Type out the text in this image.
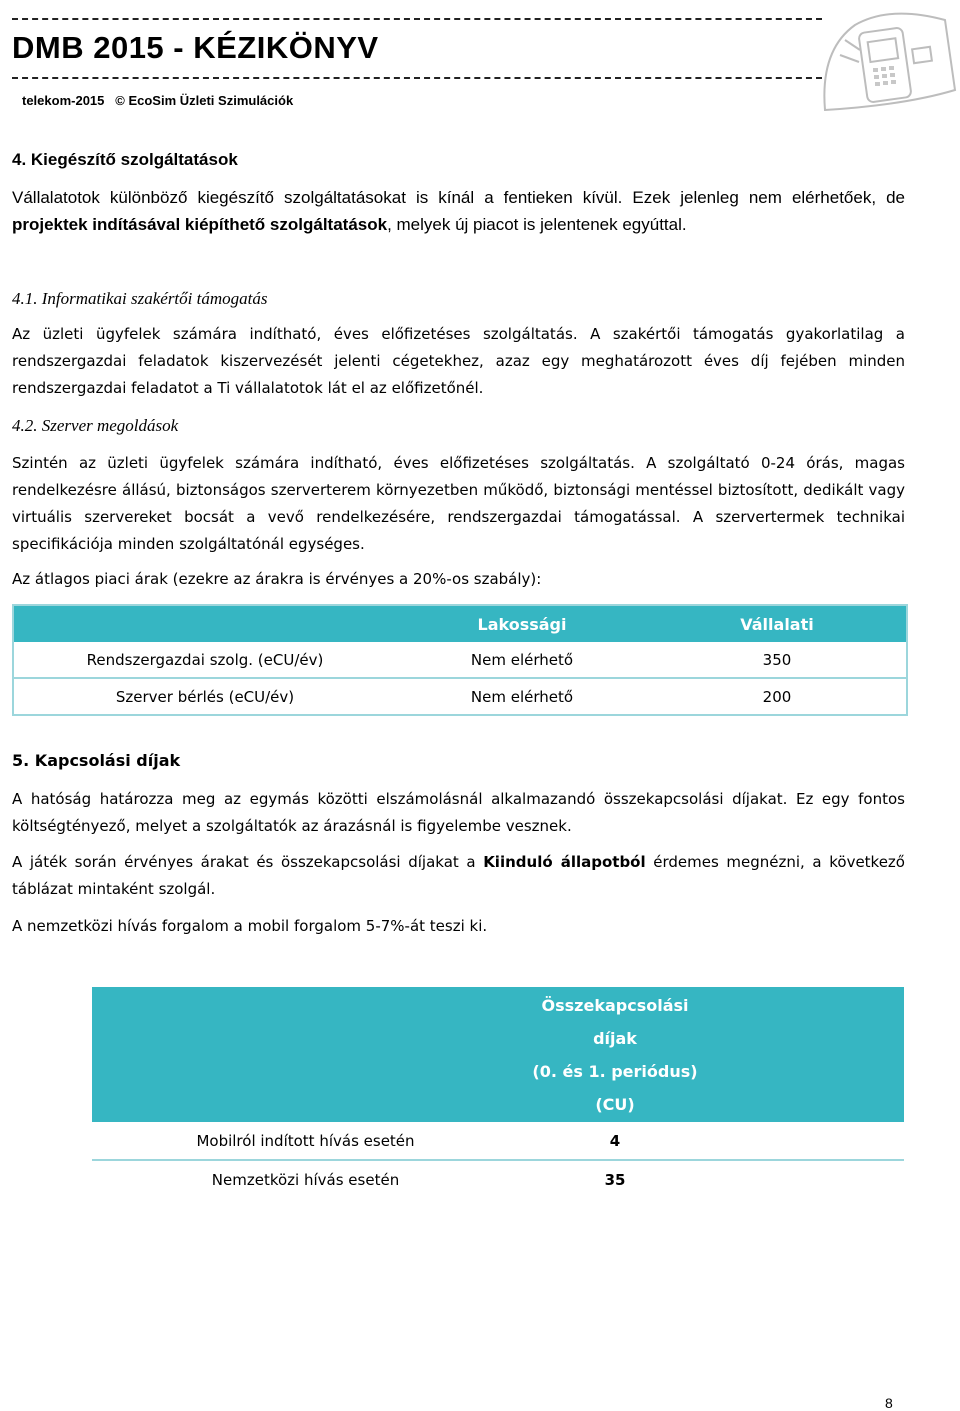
DMB 2015 - KÉZIKÖNYV
telekom-2015 © EcoSim Üzleti Szimulációk
4. Kiegészítő szolgáltatások
Vállalatotok különböző kiegészítő szolgáltatásokat is kínál a fentieken kívül. Ezek jelenleg nem elérhetőek, de projektek indításával kiépíthető szolgáltatások, melyek új piacot is jelentenek egyúttal.
4.1. Informatikai szakértői támogatás
Az üzleti ügyfelek számára indítható, éves előfizetéses szolgáltatás. A szakértői támogatás gyakorlatilag a rendszergazdai feladatok kiszervezését jelenti cégetekhez, azaz egy meghatározott éves díj fejében minden rendszergazdai feladatot a Ti vállalatotok lát el az előfizetőnél.
4.2. Szerver megoldások
Szintén az üzleti ügyfelek számára indítható, éves előfizetéses szolgáltatás. A szolgáltató 0-24 órás, magas rendelkezésre állású, biztonságos szerverterem környezetben működő, biztonsági mentéssel biztosított, dedikált vagy virtuális szervereket bocsát a vevő rendelkezésére, rendszergazdai támogatással. A szervertermek technikai specifikációja minden szolgáltatónál egységes.
Az átlagos piaci árak (ezekre az árakra is érvényes a 20%-os szabály):
	Lakossági	Vállalati
Rendszergazdai szolg. (eCU/év)	Nem elérhető	350
Szerver bérlés (eCU/év)	Nem elérhető	200
5. Kapcsolási díjak
A hatóság határozza meg az egymás közötti elszámolásnál alkalmazandó összekapcsolási díjakat. Ez egy fontos költségtényező, melyet a szolgáltatók az árazásnál is figyelembe vesznek.
A játék során érvényes árakat és összekapcsolási díjakat a Kiinduló állapotból érdemes megnézni, a következő táblázat mintaként szolgál.
A nemzetközi hívás forgalom a mobil forgalom 5-7%-át teszi ki.

	Összekapcsolási díjak
(0. és 1. periódus) (CU)	

Mobilról indított hívás esetén	4	
Nemzetközi hívás esetén	35	
8
